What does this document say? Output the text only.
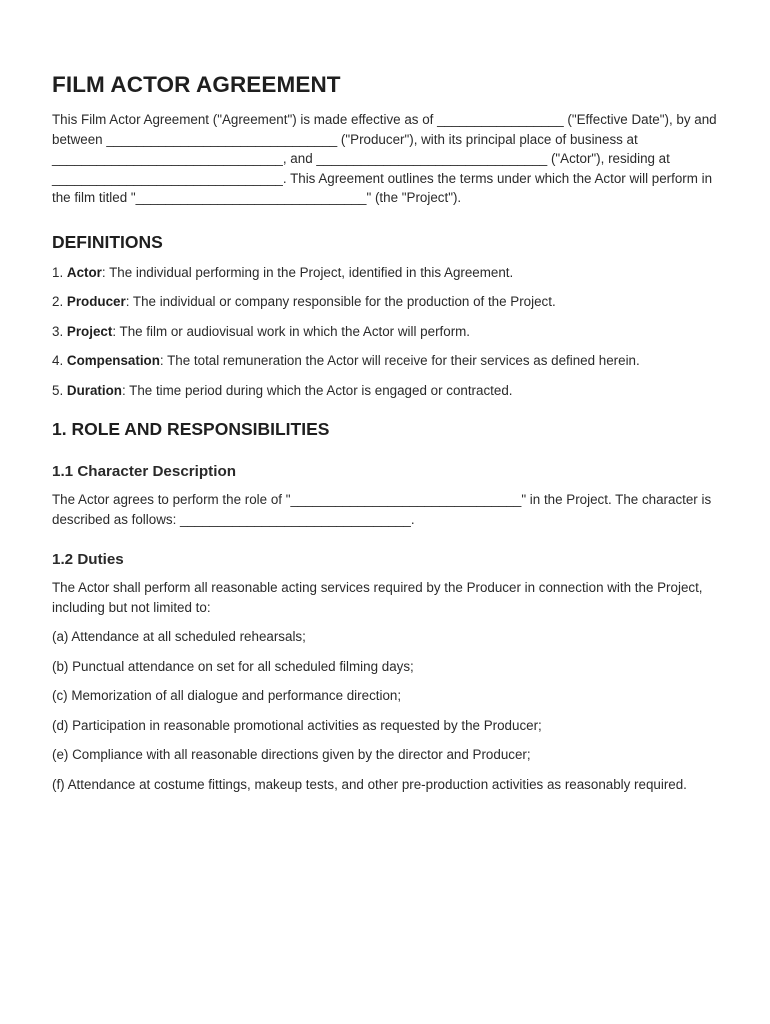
FILM ACTOR AGREEMENT

This Film Actor Agreement ("Agreement") is made effective as of _________________ ("Effective Date"), by and between _______________________________ ("Producer"), with its principal place of business at _______________________________, and _______________________________ ("Actor"), residing at _______________________________. This Agreement outlines the terms under which the Actor will perform in the film titled "_______________________________" (the "Project").

DEFINITIONS

1. Actor: The individual performing in the Project, identified in this Agreement.

2. Producer: The individual or company responsible for the production of the Project.

3. Project: The film or audiovisual work in which the Actor will perform.

4. Compensation: The total remuneration the Actor will receive for their services as defined herein.

5. Duration: The time period during which the Actor is engaged or contracted.

1. ROLE AND RESPONSIBILITIES
1.1 Character Description

The Actor agrees to perform the role of "_______________________________" in the Project. The character is described as follows: _______________________________.

1.2 Duties

The Actor shall perform all reasonable acting services required by the Producer in connection with the Project, including but not limited to:

(a) Attendance at all scheduled rehearsals;

(b) Punctual attendance on set for all scheduled filming days;

(c) Memorization of all dialogue and performance direction;

(d) Participation in reasonable promotional activities as requested by the Producer;

(e) Compliance with all reasonable directions given by the director and Producer;

(f) Attendance at costume fittings, makeup tests, and other pre-production activities as reasonably required.
